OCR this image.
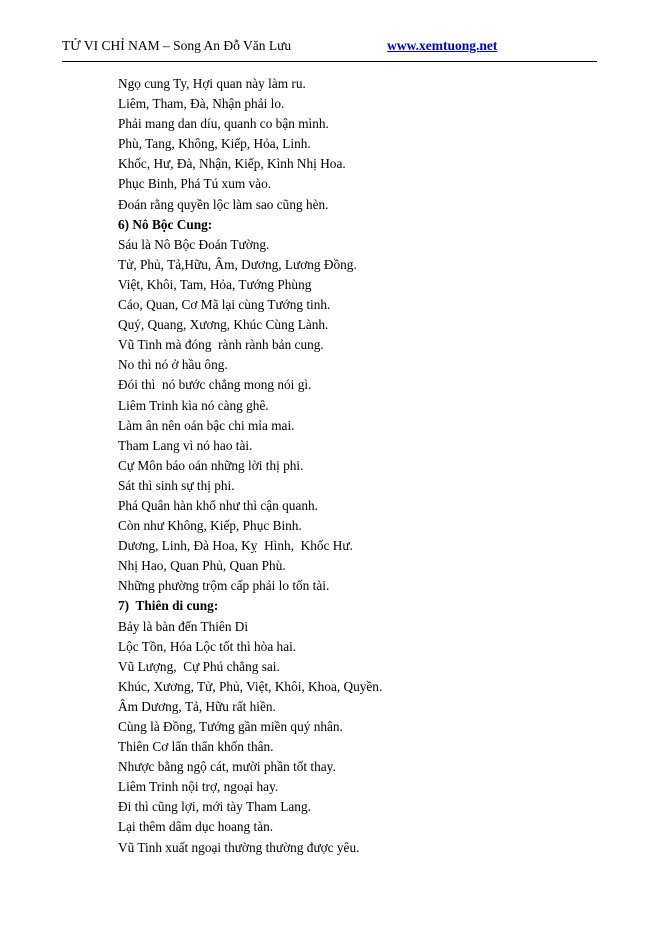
TỬ VI CHỈ NAM – Song An Đỗ Văn Lưu	www.xemtuong.net
Ngọ cung Ty, Hợi quan này làm ru.
Liêm, Tham, Đà, Nhận phải lo.
Phải mang dan díu, quanh co bận mình.
Phù, Tang, Không, Kiếp, Hỏa, Linh.
Khốc, Hư, Đà, Nhận, Kiếp, Kình Nhị Hoa.
Phục Binh, Phá Tú xum vào.
Đoán rằng quyền lộc làm sao cũng hèn.
6) Nô Bộc Cung:
Sáu là Nô Bộc Đoán Tường.
Tử, Phủ, Tả,Hữu, Âm, Dương, Lương Đồng.
Việt, Khôi, Tam, Hỏa, Tướng Phùng
Cáo, Quan, Cơ Mã lại cùng Tướng tinh.
Quý, Quang, Xương, Khúc Cùng Lành.
Vũ Tinh mà đóng  rành rành bản cung.
No thì nó ở hầu ông.
Đói thì  nó bước chẳng mong nói gì.
Liêm Trinh kìa nó càng ghê.
Làm ân nên oán bậc chi mỉa mai.
Tham Lang vì nó hao tài.
Cự Môn báo oán những lời thị phi.
Sát thì sinh sự thị phi.
Phá Quân hàn khổ như thì cận quanh.
Còn như Không, Kiếp, Phục Binh.
Dương, Linh, Đà Hoa, Kỵ  Hình,  Khốc Hư.
Nhị Hao, Quan Phủ, Quan Phù.
Những phường trộm cấp phải lo tốn tài.
7)  Thiên di cung:
Bảy là bàn đến Thiên Di
Lộc Tồn, Hóa Lộc tốt thì hòa hai.
Vũ Lượng,  Cự Phú chẳng sai.
Khúc, Xương, Tử, Phủ, Việt, Khôi, Khoa, Quyền.
Âm Dương, Tả, Hữu rất hiền.
Cùng là Đồng, Tướng gần miền quý nhân.
Thiên Cơ lẩn thẩn khốn thân.
Nhược bằng ngộ cát, mười phần tốt thay.
Liêm Trinh nội trợ, ngoại hay.
Đi thì cũng lợi, mới tày Tham Lang.
Lại thêm dâm dục hoang tàn.
Vũ Tinh xuất ngoại thường thường được yêu.
